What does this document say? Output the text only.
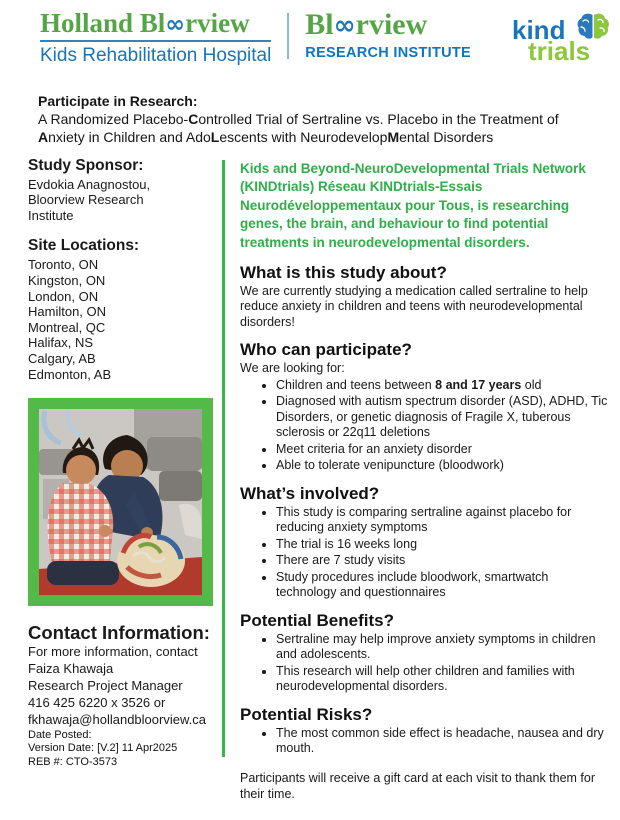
Holland Bl∞rview
Kids Rehabilitation Hospital
Bl∞rview
RESEARCH INSTITUTE
kind
trials
Participate in Research:
A Randomized Placebo-Controlled Trial of Sertraline vs. Placebo in the Treatment of Anxiety in Children and AdoLescents with NeurodevelopMental Disorders
Study Sponsor:
Evdokia Anagnostou, Bloorview Research Institute
Site Locations:
Toronto, ON
Kingston, ON
London, ON
Hamilton, ON
Montreal, QC
Halifax, NS
Calgary, AB
Edmonton, AB
Contact Information:
For more information, contact
Faiza Khawaja
Research Project Manager
416 425 6220 x 3526 or
fkhawaja@hollandbloorview.ca
Date Posted:
Version Date: [V.2] 11 Apr2025
REB #: CTO-3573

Kids and Beyond-NeuroDevelopmental Trials Network (KINDtrials) Réseau KINDtrials-Essais Neurodéveloppementaux pour Tous, is researching genes, the brain, and behaviour to find potential treatments in neurodevelopmental disorders.

What is this study about?

We are currently studying a medication called sertraline to help reduce anxiety in children and teens with neurodevelopmental disorders!

Who can participate?

We are looking for:

• Children and teens between 8 and 17 years old
• Diagnosed with autism spectrum disorder (ASD), ADHD, Tic Disorders, or genetic diagnosis of Fragile X, tuberous sclerosis or 22q11 deletions
• Meet criteria for an anxiety disorder
• Able to tolerate venipuncture (bloodwork)
What’s involved?

• This study is comparing sertraline against placebo for reducing anxiety symptoms
• The trial is 16 weeks long
• There are 7 study visits
• Study procedures include bloodwork, smartwatch technology and questionnaires
Potential Benefits?

• Sertraline may help improve anxiety symptoms in children and adolescents.
• This research will help other children and families with neurodevelopmental disorders.
Potential Risks?

• The most common side effect is headache, nausea and dry mouth.

Participants will receive a gift card at each visit to thank them for their time.
